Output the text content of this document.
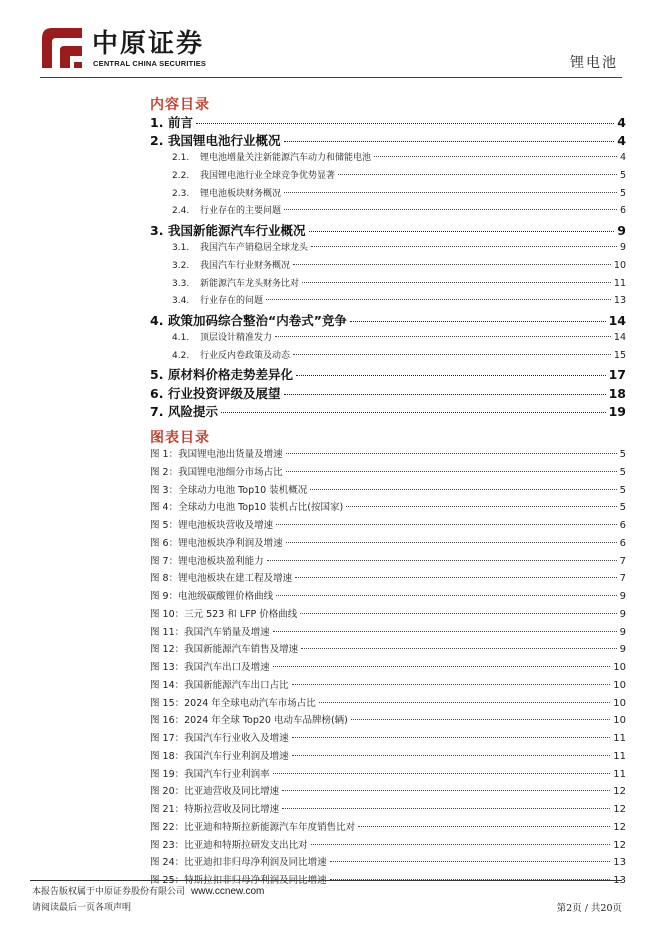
中原证券
CENTRAL CHINA SECURITIES	锂电池
内容目录
1. 前言	4
2. 我国锂电池行业概况	4
2.1. 锂电池增量关注新能源汽车动力和储能电池	4
2.2. 我国锂电池行业全球竞争优势显著	5
2.3. 锂电池板块财务概况	5
2.4. 行业存在的主要问题	6
3. 我国新能源汽车行业概况	9
3.1. 我国汽车产销稳居全球龙头	9
3.2. 我国汽车行业财务概况	10
3.3. 新能源汽车龙头财务比对	11
3.4. 行业存在的问题	13
4. 政策加码综合整治“内卷式”竞争	14
4.1. 顶层设计精准发力	14
4.2. 行业反内卷政策及动态	15
5. 原材料价格走势差异化	17
6. 行业投资评级及展望	18
7. 风险提示	19
图表目录
图 1：我国锂电池出货量及增速	5
图 2：我国锂电池细分市场占比	5
图 3：全球动力电池 Top10 装机概况	5
图 4：全球动力电池 Top10 装机占比(按国家)	5
图 5：锂电池板块营收及增速	6
图 6：锂电池板块净利润及增速	6
图 7：锂电池板块盈利能力	7
图 8：锂电池板块在建工程及增速	7
图 9：电池级碳酸锂价格曲线	9
图 10：三元 523 和 LFP 价格曲线	9
图 11：我国汽车销量及增速	9
图 12：我国新能源汽车销售及增速	9
图 13：我国汽车出口及增速	10
图 14：我国新能源汽车出口占比	10
图 15：2024 年全球电动汽车市场占比	10
图 16：2024 年全球 Top20 电动车品牌榜(辆)	10
图 17：我国汽车行业收入及增速	11
图 18：我国汽车行业利润及增速	11
图 19：我国汽车行业利润率	11
图 20：比亚迪营收及同比增速	12
图 21：特斯拉营收及同比增速	12
图 22：比亚迪和特斯拉新能源汽车年度销售比对	12
图 23：比亚迪和特斯拉研发支出比对	12
图 24：比亚迪扣非归母净利润及同比增速	13
图 25：特斯拉扣非归母净利润及同比增速	13
本报告版权属于中原证券股份有限公司 www.ccnew.com
请阅读最后一页各项声明	第2页 / 共20页
